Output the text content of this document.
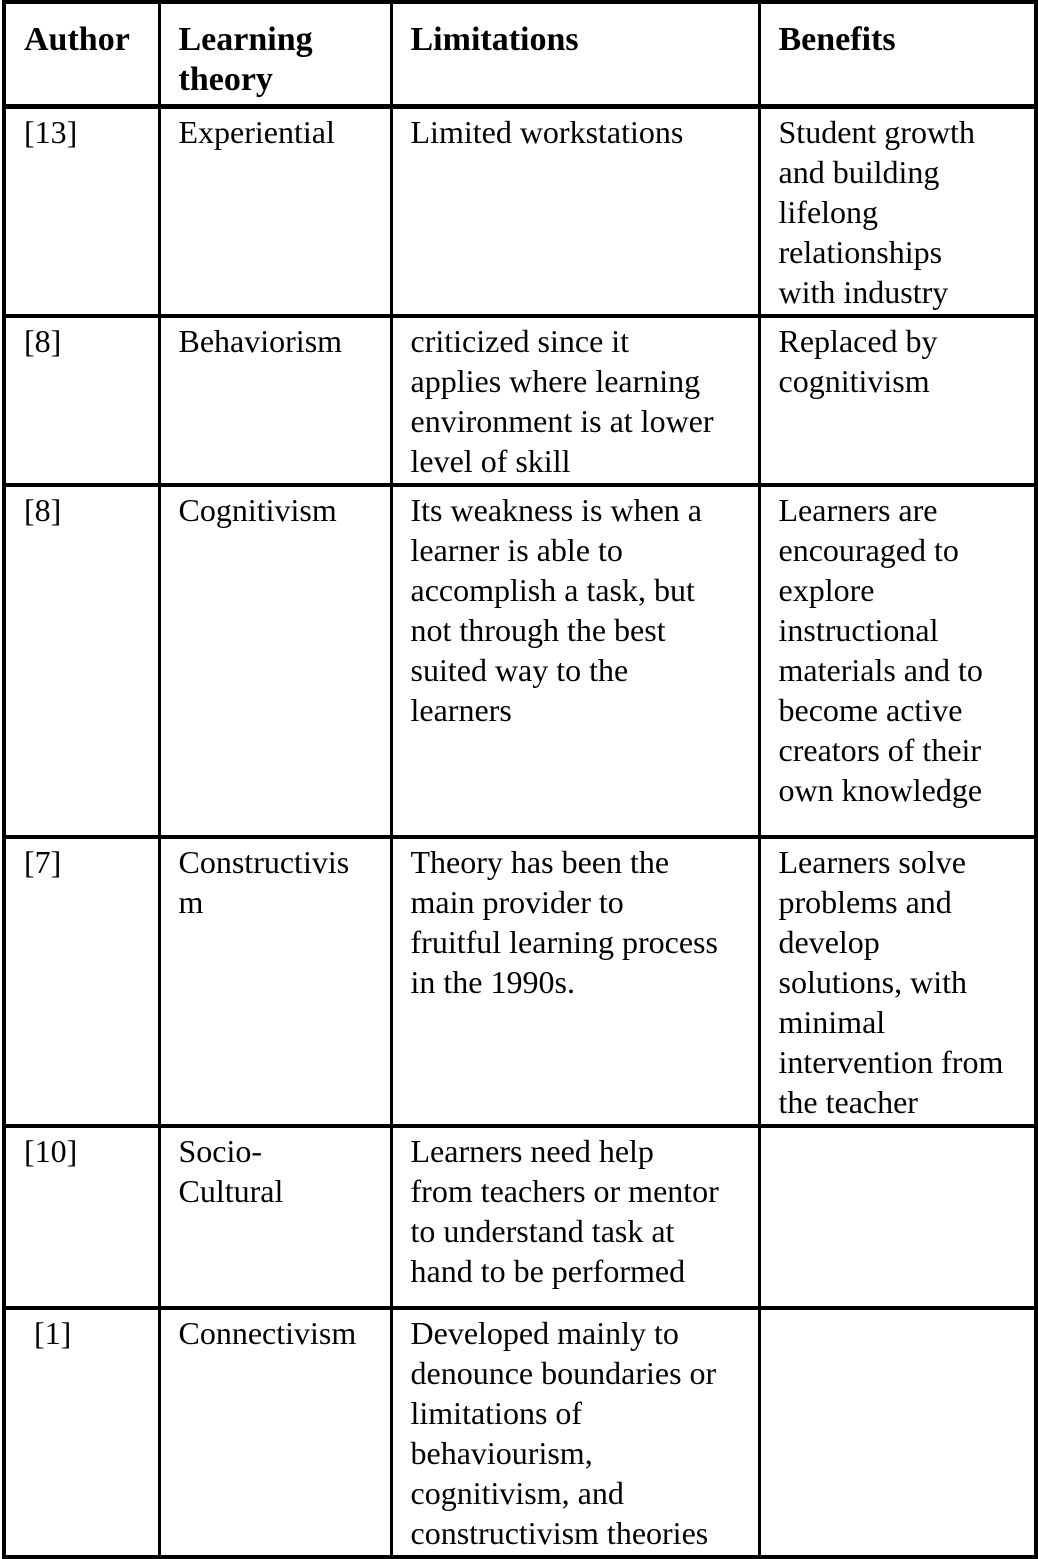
Author	Learning theory	Limitations	Benefits
[13]	Experiential	Limited workstations	Student growth and building lifelong relationships with industry
[8]	Behaviorism	criticized since it applies where learning environment is at lower level of skill	Replaced by cognitivism
[8]	Cognitivism	Its weakness is when a learner is able to accomplish a task, but not through the best suited way to the learners	Learners are encouraged to explore instructional materials and to become active creators of their own knowledge
[7]	Constructivism	Theory has been the main provider to fruitful learning process in the 1990s.	Learners solve problems and develop solutions, with minimal intervention from the teacher
[10]	Socio-Cultural	Learners need help from teachers or mentor to understand task at hand to be performed	
[1]	Connectivism	Developed mainly to denounce boundaries or limitations of behaviourism, cognitivism, and constructivism theories	
